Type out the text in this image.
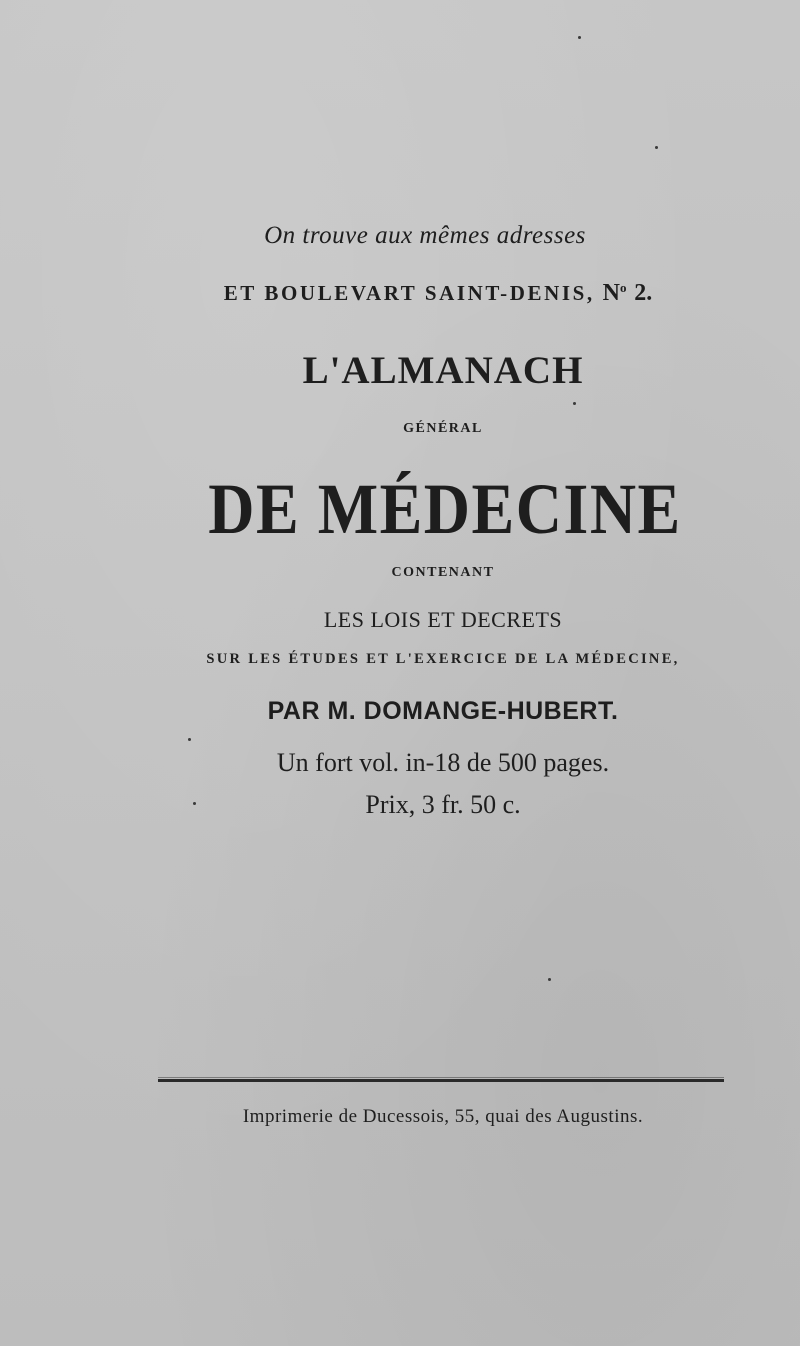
On trouve aux mêmes adresses

ET BOULEVART SAINT-DENIS, $N^o$ 2.

L'ALMANACH

GÉNÉRAL

DE MÉDECINE

CONTENANT

LES LOIS ET DECRETS

SUR LES ÉTUDES ET L'EXERCICE DE LA MÉDECINE,

PAR M. DOMANGE-HUBERT.

Un fort vol. in-18 de 500 pages.

Prix, 3 fr. 50 c.

Imprimerie de Ducessois, 55, quai des Augustins.
